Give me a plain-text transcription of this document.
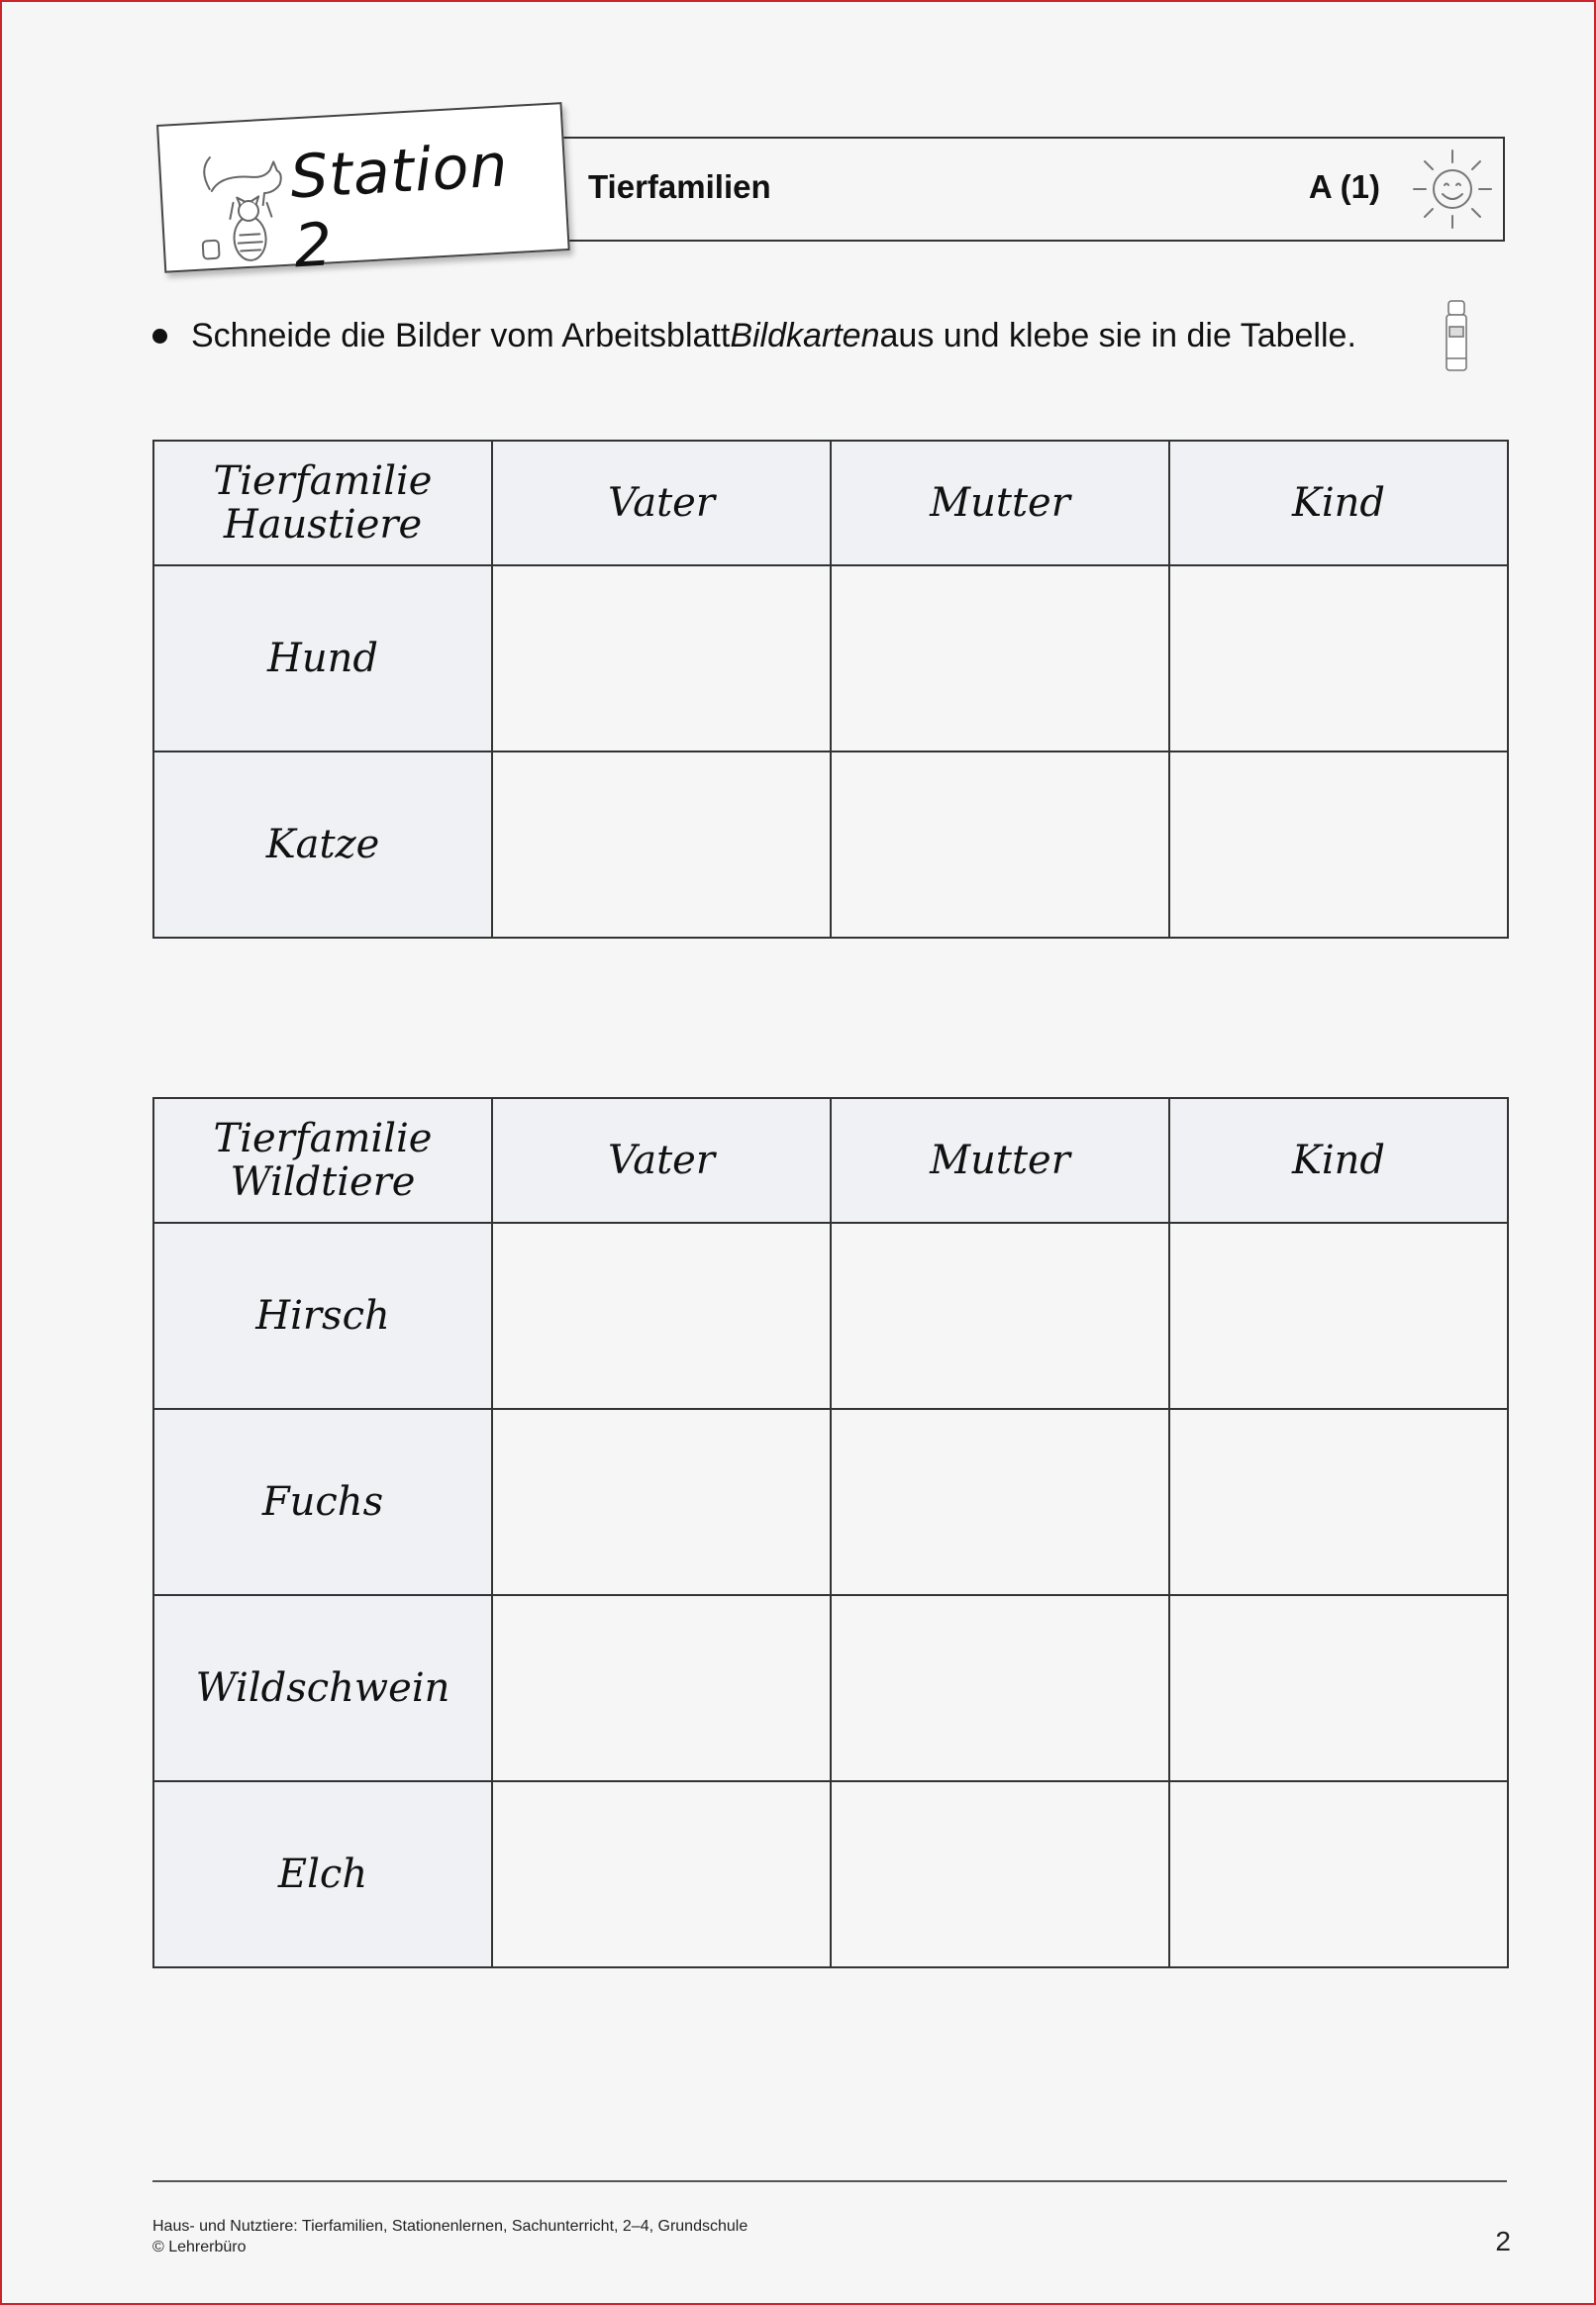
Tierfamilien	A (1)
Station 2
Schneide die Bilder vom Arbeitsblatt Bildkarten aus und klebe sie in die Tabelle.
Tierfamilie
Haustiere	Vater	Mutter	Kind
Hund			
Katze			
Tierfamilie
Wildtiere	Vater	Mutter	Kind
Hirsch			
Fuchs			
Wildschwein			
Elch			
Haus- und Nutztiere: Tierfamilien, Stationenlernen, Sachunterricht, 2–4, Grundschule
© Lehrerbüro	2
